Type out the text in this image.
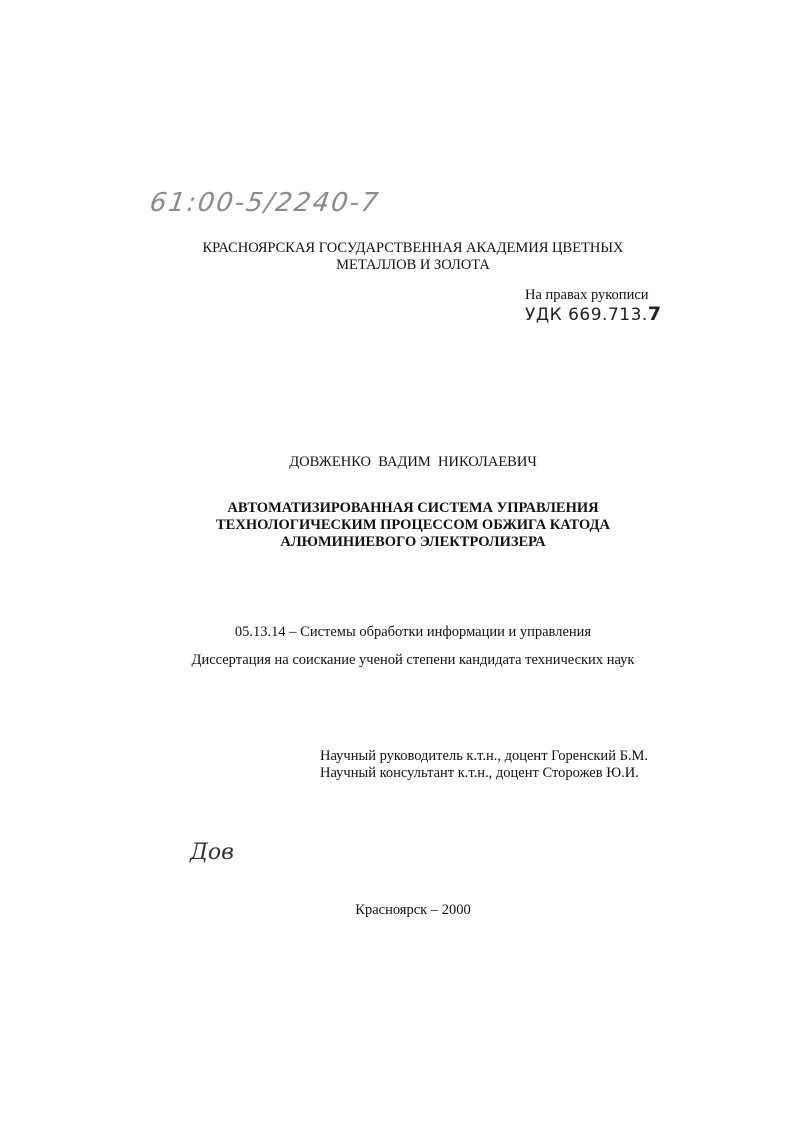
61:00-5/2240-7
КРАСНОЯРСКАЯ ГОСУДАРСТВЕННАЯ АКАДЕМИЯ ЦВЕТНЫХ
МЕТАЛЛОВ И ЗОЛОТА
На правах рукописи
УДК 669.713.7
ДОВЖЕНКО  ВАДИМ  НИКОЛАЕВИЧ
АВТОМАТИЗИРОВАННАЯ СИСТЕМА УПРАВЛЕНИЯ
ТЕХНОЛОГИЧЕСКИМ ПРОЦЕССОМ ОБЖИГА КАТОДА
АЛЮМИНИЕВОГО ЭЛЕКТРОЛИЗЕРА
05.13.14 – Системы обработки информации и управления
Диссертация на соискание ученой степени кандидата технических наук
Научный руководитель к.т.н., доцент Горенский Б.М.
Научный консультант к.т.н., доцент Сторожев Ю.И.
Дов
Красноярск – 2000
